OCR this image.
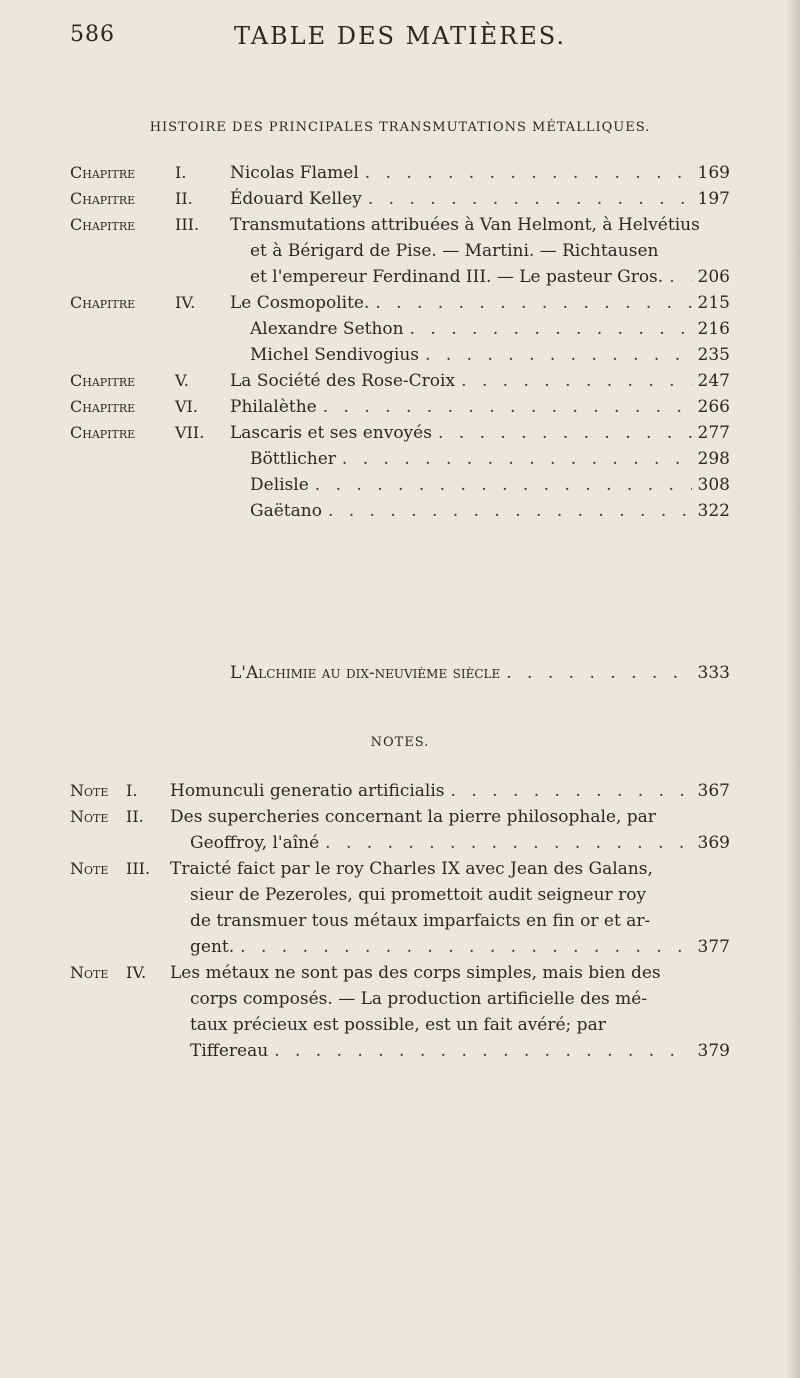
586	TABLE DES MATIÈRES.
HISTOIRE DES PRINCIPALES TRANSMUTATIONS MÉTALLIQUES.
Chapitre I.	Nicolas Flamel . . .	169
Chapitre II. Édouard Kelley . . .	197
Chapitre III. Transmutations attribuées à Van Helmont, à Helvétius
et à Bérigard de Pise. — Martini. — Richtausen
et l'empereur Ferdinand III. — Le pasteur Gros. . . . 206
Chapitre IV. Le Cosmopolite. . . .	215
Alexandre Sethon . . .	216
Michel Sendivogius . . .	235
Chapitre V. La Société des Rose-Croix . . .	247
Chapitre VI. Philalèthe . . .	266
Chapitre VII. Lascaris et ses envoyés . . .	277
Böttlicher . . .	298
Delisle . . .	308
Gaëtano . . .	322
L'Alchimie au dix-neuvième siècle . . .	333
NOTES.
Note I. Homunculi generatio artificialis . . .	367
Note II. Des supercheries concernant la pierre philosophale, par
Geoffroy, l'aîné . . .	369
Note III. Traicté faict par le roy Charles IX avec Jean des Galans,
sieur de Pezeroles, qui promettoit audit seigneur roy
de transmuer tous métaux imparfaicts en fin or et ar-
gent. . . .	377
Note IV. Les métaux ne sont pas des corps simples, mais bien des
corps composés. — La production artificielle des mé-
taux précieux est possible, est un fait avéré; par
Tiffereau . . .	379
